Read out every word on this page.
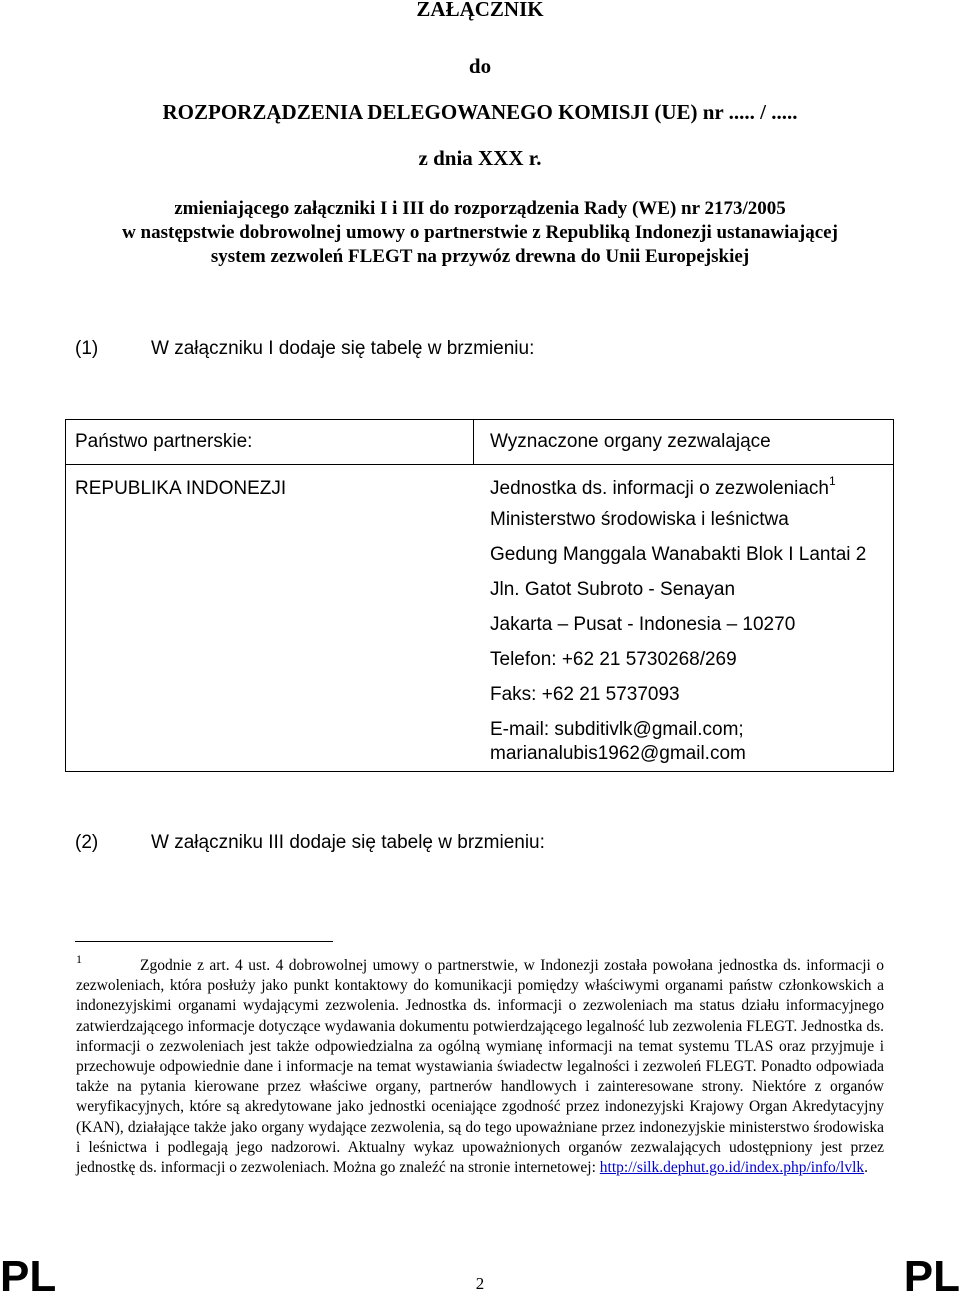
ZAŁĄCZNIK
do
ROZPORZĄDZENIA DELEGOWANEGO KOMISJI (UE) nr ..... / .....
z dnia XXX r.
zmieniającego załączniki I i III do rozporządzenia Rady (WE) nr 2173/2005
w następstwie dobrowolnej umowy o partnerstwie z Republiką Indonezji ustanawiającej
system zezwoleń FLEGT na przywóz drewna do Unii Europejskiej
(1)	W załączniku I dodaje się tabelę w brzmieniu:
Państwo partnerskie:	Wyznaczone organy zezwalające
REPUBLIKA INDONEZJI	Jednostka ds. informacji o zezwoleniach$^1$
Ministerstwo środowiska i leśnictwa
Gedung Manggala Wanabakti Blok I Lantai 2
Jln. Gatot Subroto - Senayan
Jakarta – Pusat - Indonesia – 10270
Telefon: +62 21 5730268/269
Faks: +62 21 5737093
E-mail: subditivlk@gmail.com;
marianalubis1962@gmail.com
(2)	W załączniku III dodaje się tabelę w brzmieniu:
1	Zgodnie z art. 4 ust. 4 dobrowolnej umowy o partnerstwie, w Indonezji została powołana jednostka ds. informacji o zezwoleniach, która posłuży jako punkt kontaktowy do komunikacji pomiędzy właściwymi organami państw członkowskich a indonezyjskimi organami wydającymi zezwolenia. Jednostka ds. informacji o zezwoleniach ma status działu informacyjnego zatwierdzającego informacje dotyczące wydawania dokumentu potwierdzającego legalność lub zezwolenia FLEGT. Jednostka ds. informacji o zezwoleniach jest także odpowiedzialna za ogólną wymianę informacji na temat systemu TLAS oraz przyjmuje i przechowuje odpowiednie dane i informacje na temat wystawiania świadectw legalności i zezwoleń FLEGT. Ponadto odpowiada także na pytania kierowane przez właściwe organy, partnerów handlowych i zainteresowane strony. Niektóre z organów weryfikacyjnych, które są akredytowane jako jednostki oceniające zgodność przez indonezyjski Krajowy Organ Akredytacyjny (KAN), działające także jako organy wydające zezwolenia, są do tego upoważniane przez indonezyjskie ministerstwo środowiska i leśnictwa i podlegają jego nadzorowi. Aktualny wykaz upoważnionych organów zezwalających udostępniony jest przez jednostkę ds. informacji o zezwoleniach. Można go znaleźć na stronie internetowej: http://silk.dephut.go.id/index.php/info/lvlk.
PL	2	PL
